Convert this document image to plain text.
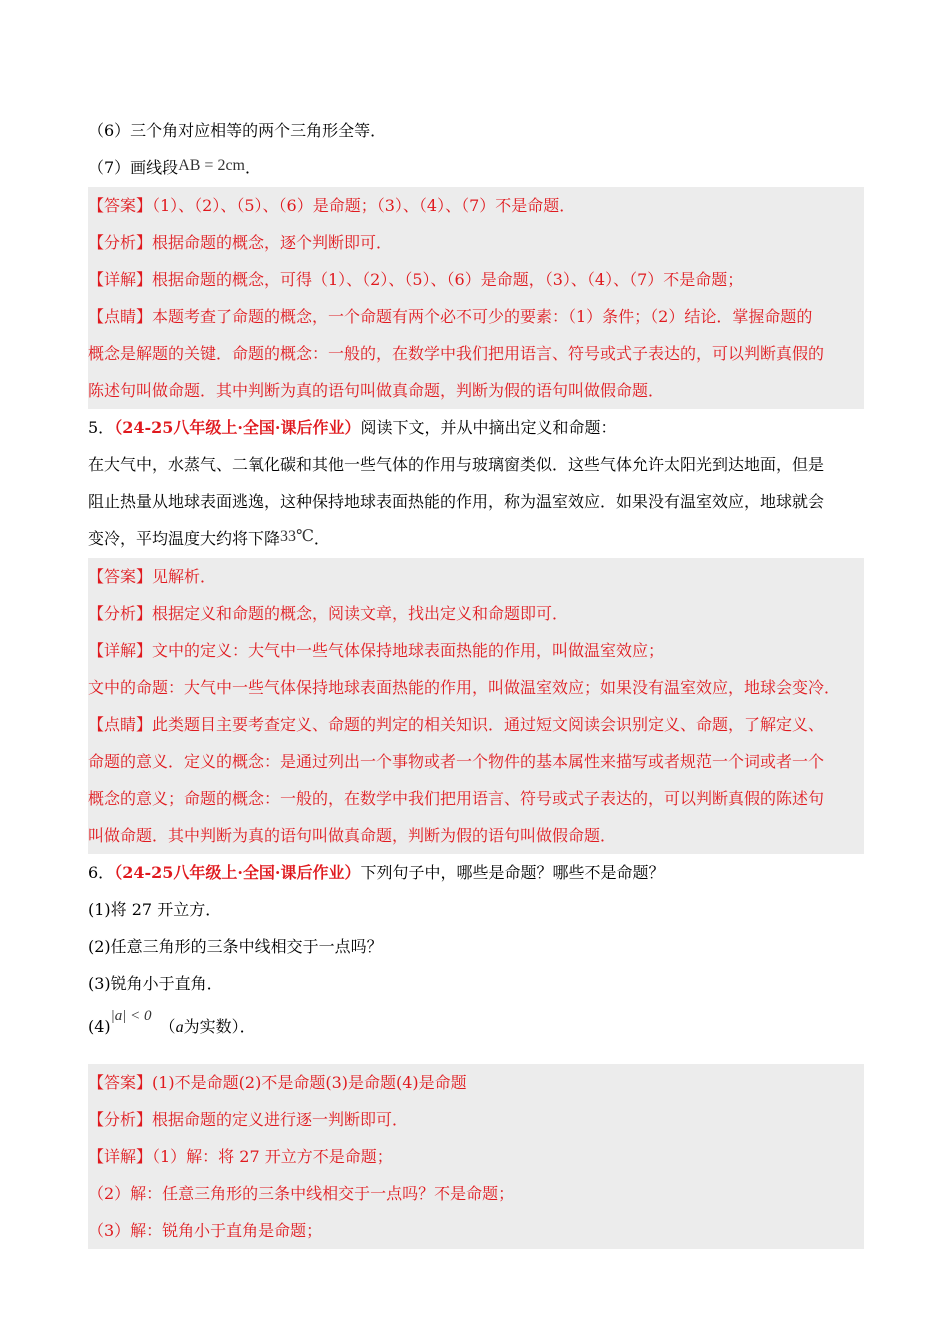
（6）三个角对应相等的两个三角形全等．
（7）画线段AB = 2cm．
【答案】（1）、（2）、（5）、（6）是命题；（3）、（4）、（7）不是命题．
【分析】根据命题的概念，逐个判断即可．
【详解】根据命题的概念，可得（1）、（2）、（5）、（6）是命题，（3）、（4）、（7）不是命题；
【点睛】本题考查了命题的概念，一个命题有两个必不可少的要素：（1）条件；（2）结论．掌握命题的
概念是解题的关键．命题的概念：一般的，在数学中我们把用语言、符号或式子表达的，可以判断真假的
陈述句叫做命题．其中判断为真的语句叫做真命题，判断为假的语句叫做假命题．
5．（24-25八年级上·全国·课后作业）阅读下文，并从中摘出定义和命题：
在大气中，水蒸气、二氧化碳和其他一些气体的作用与玻璃窗类似．这些气体允许太阳光到达地面，但是
阻止热量从地球表面逃逸，这种保持地球表面热能的作用，称为温室效应．如果没有温室效应，地球就会
变冷，平均温度大约将下降33℃．
【答案】见解析．
【分析】根据定义和命题的概念，阅读文章，找出定义和命题即可．
【详解】文中的定义：大气中一些气体保持地球表面热能的作用，叫做温室效应；
文中的命题：大气中一些气体保持地球表面热能的作用，叫做温室效应；如果没有温室效应，地球会变冷．
【点睛】此类题目主要考查定义、命题的判定的相关知识．通过短文阅读会识别定义、命题，了解定义、
命题的意义．定义的概念：是通过列出一个事物或者一个物件的基本属性来描写或者规范一个词或者一个
概念的意义；命题的概念：一般的，在数学中我们把用语言、符号或式子表达的，可以判断真假的陈述句
叫做命题．其中判断为真的语句叫做真命题，判断为假的语句叫做假命题．
6．（24-25八年级上·全国·课后作业）下列句子中，哪些是命题？哪些不是命题？
(1)将 27 开立方．
(2)任意三角形的三条中线相交于一点吗？
(3)锐角小于直角．
(4)|a| < 0（a为实数）．
【答案】(1)不是命题(2)不是命题(3)是命题(4)是命题
【分析】根据命题的定义进行逐一判断即可．
【详解】（1）解：将 27 开立方不是命题；
（2）解：任意三角形的三条中线相交于一点吗？不是命题；
（3）解：锐角小于直角是命题；
